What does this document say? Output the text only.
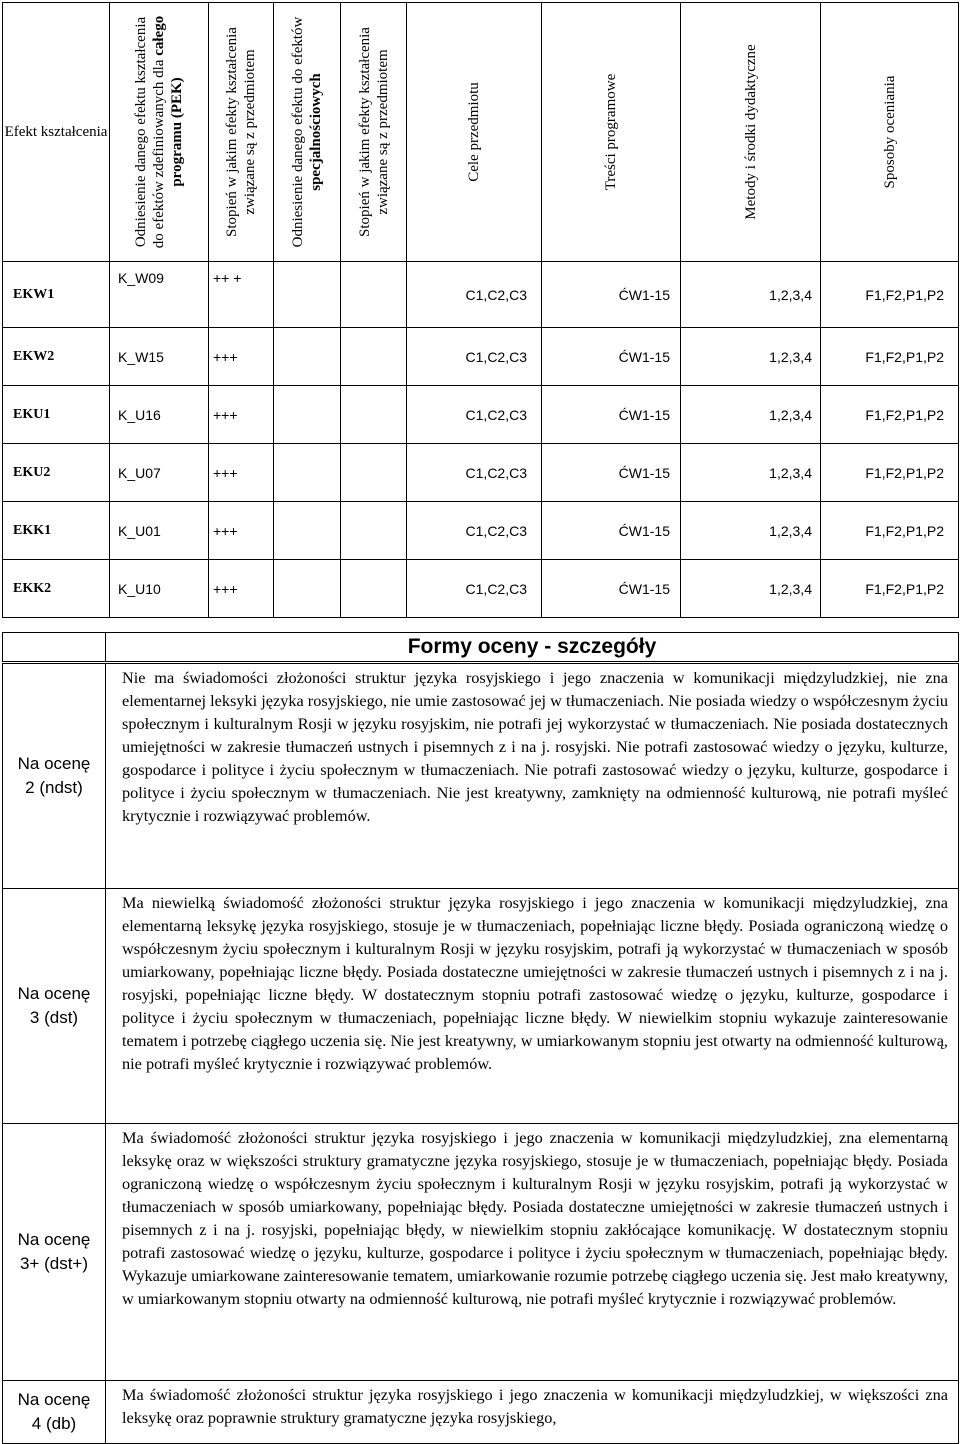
Efekt kształcenia	Odniesienie danego efektu kształcenia do efektów zdefiniowanych dla całego programu (PEK)	Stopień w jakim efekty kształcenia związane są z przedmiotem	Odniesienie danego efektu do efektów specjalnościowych	Stopień w jakim efekty kształcenia związane są z przedmiotem	Cele przedmiotu	Treści programowe	Metody i środki dydaktyczne	Sposoby oceniania

EKW1	K_W09	++ +			C1,C2,C3	ĆW1-15	1,2,3,4	F1,F2,P1,P2
EKW2	K_W15	+++			C1,C2,C3	ĆW1-15	1,2,3,4	F1,F2,P1,P2
EKU1	K_U16	+++			C1,C2,C3	ĆW1-15	1,2,3,4	F1,F2,P1,P2
EKU2	K_U07	+++			C1,C2,C3	ĆW1-15	1,2,3,4	F1,F2,P1,P2
EKK1	K_U01	+++			C1,C2,C3	ĆW1-15	1,2,3,4	F1,F2,P1,P2
EKK2	K_U10	+++			C1,C2,C3	ĆW1-15	1,2,3,4	F1,F2,P1,P2
	Formy oceny - szczegóły

Na ocenę
2 (ndst)	Nie ma świadomości złożoności struktur języka rosyjskiego i jego znaczenia w komunikacji międzyludzkiej, nie zna elementarnej leksyki języka rosyjskiego, nie umie zastosować jej w tłumaczeniach. Nie posiada wiedzy o współczesnym życiu społecznym i kulturalnym Rosji w języku rosyjskim, nie potrafi jej wykorzystać w tłumaczeniach. Nie posiada dostatecznych umiejętności w zakresie tłumaczeń ustnych i pisemnych z i na j. rosyjski. Nie potrafi zastosować wiedzy o języku, kulturze, gospodarce i polityce i życiu społecznym w tłumaczeniach. Nie potrafi zastosować wiedzy o języku, kulturze, gospodarce i polityce i życiu społecznym w tłumaczeniach. Nie jest kreatywny, zamknięty na odmienność kulturową, nie potrafi myśleć krytycznie i rozwiązywać problemów.

Na ocenę
3 (dst)	Ma niewielką świadomość złożoności struktur języka rosyjskiego i jego znaczenia w komunikacji międzyludzkiej, zna elementarną leksykę języka rosyjskiego, stosuje je w tłumaczeniach, popełniając liczne błędy. Posiada ograniczoną wiedzę o współczesnym życiu społecznym i kulturalnym Rosji w języku rosyjskim, potrafi ją wykorzystać w tłumaczeniach w sposób umiarkowany, popełniając liczne błędy. Posiada dostateczne umiejętności w zakresie tłumaczeń ustnych i pisemnych z i na j. rosyjski, popełniając liczne błędy. W dostatecznym stopniu potrafi zastosować wiedzę o języku, kulturze, gospodarce i polityce i życiu społecznym w tłumaczeniach, popełniając liczne błędy. W niewielkim stopniu wykazuje zainteresowanie tematem i potrzebę ciągłego uczenia się. Nie jest kreatywny, w umiarkowanym stopniu jest otwarty na odmienność kulturową, nie potrafi myśleć krytycznie i rozwiązywać problemów.

Na ocenę
3+ (dst+)	Ma świadomość złożoności struktur języka rosyjskiego i jego znaczenia w komunikacji międzyludzkiej, zna elementarną leksykę oraz w większości struktury gramatyczne języka rosyjskiego, stosuje je w tłumaczeniach, popełniając błędy. Posiada ograniczoną wiedzę o współczesnym życiu społecznym i kulturalnym Rosji w języku rosyjskim, potrafi ją wykorzystać w tłumaczeniach w sposób umiarkowany, popełniając błędy. Posiada dostateczne umiejętności w zakresie tłumaczeń ustnych i pisemnych z i na j. rosyjski, popełniając błędy, w niewielkim stopniu zakłócające komunikację. W dostatecznym stopniu potrafi zastosować wiedzę o języku, kulturze, gospodarce i polityce i życiu społecznym w tłumaczeniach, popełniając błędy. Wykazuje umiarkowane zainteresowanie tematem, umiarkowanie rozumie potrzebę ciągłego uczenia się. Jest mało kreatywny, w umiarkowanym stopniu otwarty na odmienność kulturową, nie potrafi myśleć krytycznie i rozwiązywać problemów.

Na ocenę
4 (db)	Ma świadomość złożoności struktur języka rosyjskiego i jego znaczenia w komunikacji międzyludzkiej, w większości zna leksykę oraz poprawnie struktury gramatyczne języka rosyjskiego,
